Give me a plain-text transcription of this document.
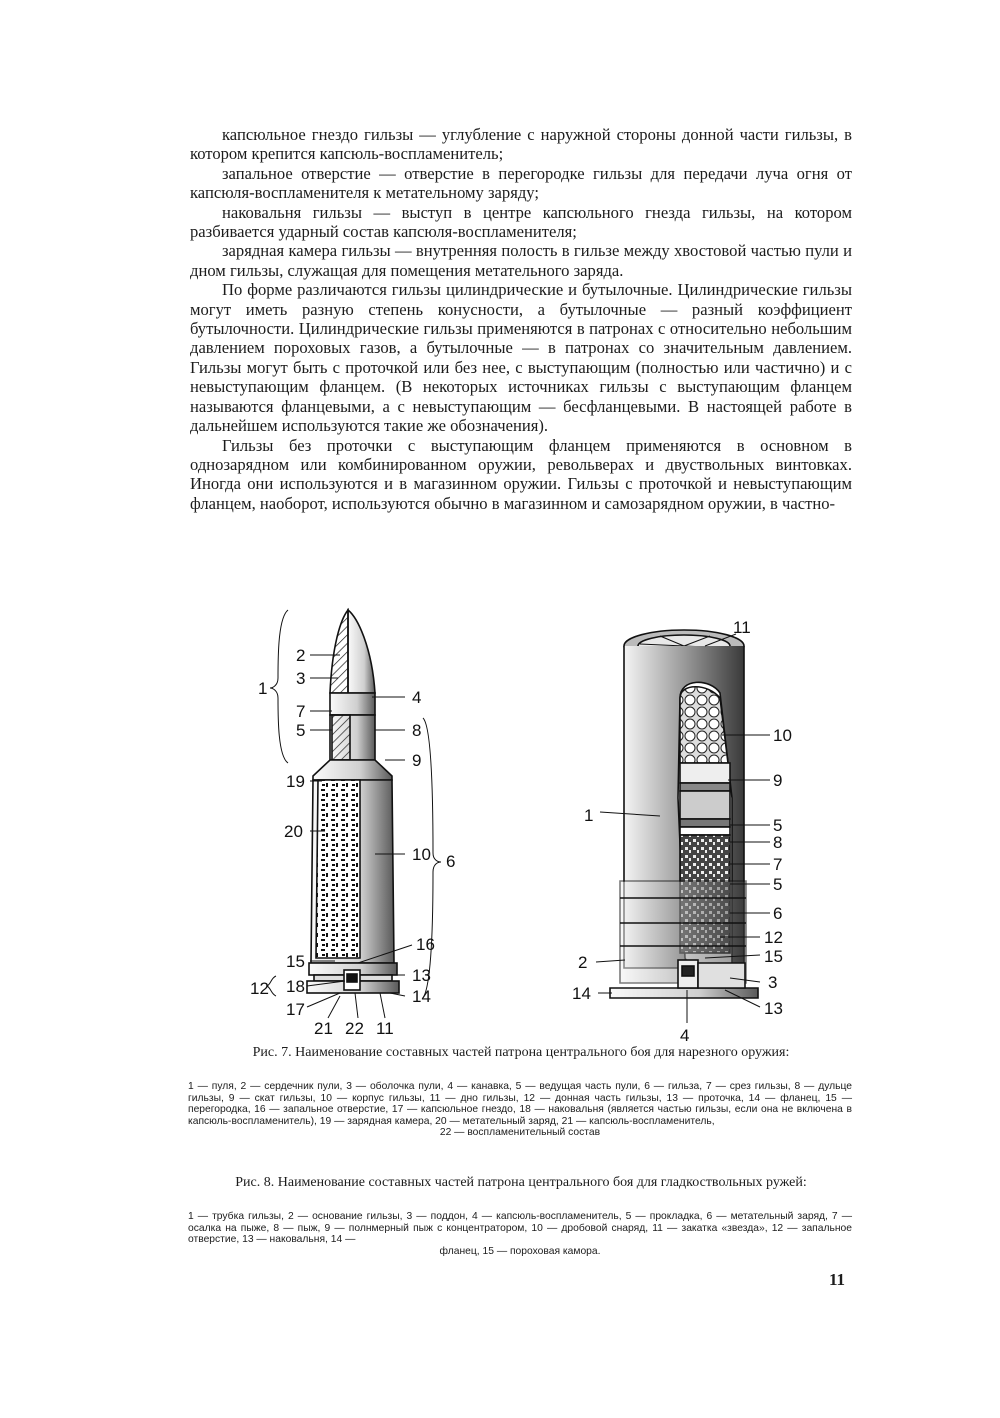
капсюльное гнездо гильзы — углубление с наружной стороны донной части гильзы, в котором крепится капсюль-воспламенитель;

запальное отверстие — отверстие в перегородке гильзы для передачи луча огня от капсюля-воспламенителя к метательному заряду;

наковальня гильзы — выступ в центре капсюльного гнезда гильзы, на котором разбивается ударный состав капсюля-воспламенителя;

зарядная камера гильзы — внутренняя полость в гильзе между хвостовой частью пули и дном гильзы, служащая для помещения метательного заряда.

По форме различаются гильзы цилиндрические и бутылочные. Цилиндрические гильзы могут иметь разную степень конусности, а бутылочные — разный коэффициент бутылочности. Цилиндрические гильзы применяются в патронах с относительно небольшим давлением пороховых газов, а бутылочные — в патронах со значительным давлением. Гильзы могут быть с проточкой или без нее, с выступающим (полностью или частично) и с невыступающим фланцем. (В некоторых источниках гильзы с выступающим фланцем называются фланцевыми, а с невыступающим — бесфланцевыми. В настоящей работе в дальнейшем используются такие же обозначения).

Гильзы без проточки с выступающим фланцем применяются в основном в однозарядном или комбинированном оружии, револьверах и двуствольных винтовках. Иногда они используются и в магазинном оружии. Гильзы с проточкой и невыступающим фланцем, наоборот, используются обычно в магазинном и самозарядном оружии, в частно-

1
2
3
4
5
6
7
8
9
10
11
12
13
14
15
16
17
18
19
20
21 22
1
2
3
4
5
5
6
7
8
9
10
11
12
13
14
15
Рис. 7. Наименование составных частей патрона центрального боя для нарезного оружия:
1 — пуля, 2 — сердечник пули, 3 — оболочка пули, 4 — канавка, 5 — ведущая часть пули, 6 — гильза, 7 — срез гильзы, 8 — дульце гильзы, 9 — скат гильзы, 10 — корпус гильзы, 11 — дно гильзы, 12 — донная часть гильзы, 13 — проточка, 14 — фланец, 15 — перегородка, 16 — запальное отверстие, 17 — капсюльное гнездо, 18 — наковальня (является частью гильзы, если она не включена в капсюль-воспламенитель), 19 — зарядная камера, 20 — метательный заряд, 21 — капсюль-воспламенитель,
22 — воспламенительный состав
Рис. 8. Наименование составных частей патрона центрального боя для гладкоствольных ружей:
1 — трубка гильзы, 2 — основание гильзы, 3 — поддон, 4 — капсюль-воспламенитель, 5 — прокладка, 6 — метательный заряд, 7 — осалка на пыже, 8 — пыж, 9 — полнмерный пыж с концентратором, 10 — дробовой снаряд, 11 — закатка «звезда», 12 — запальное отверстие, 13 — наковальня, 14 —
фланец, 15 — пороховая камора.
11
